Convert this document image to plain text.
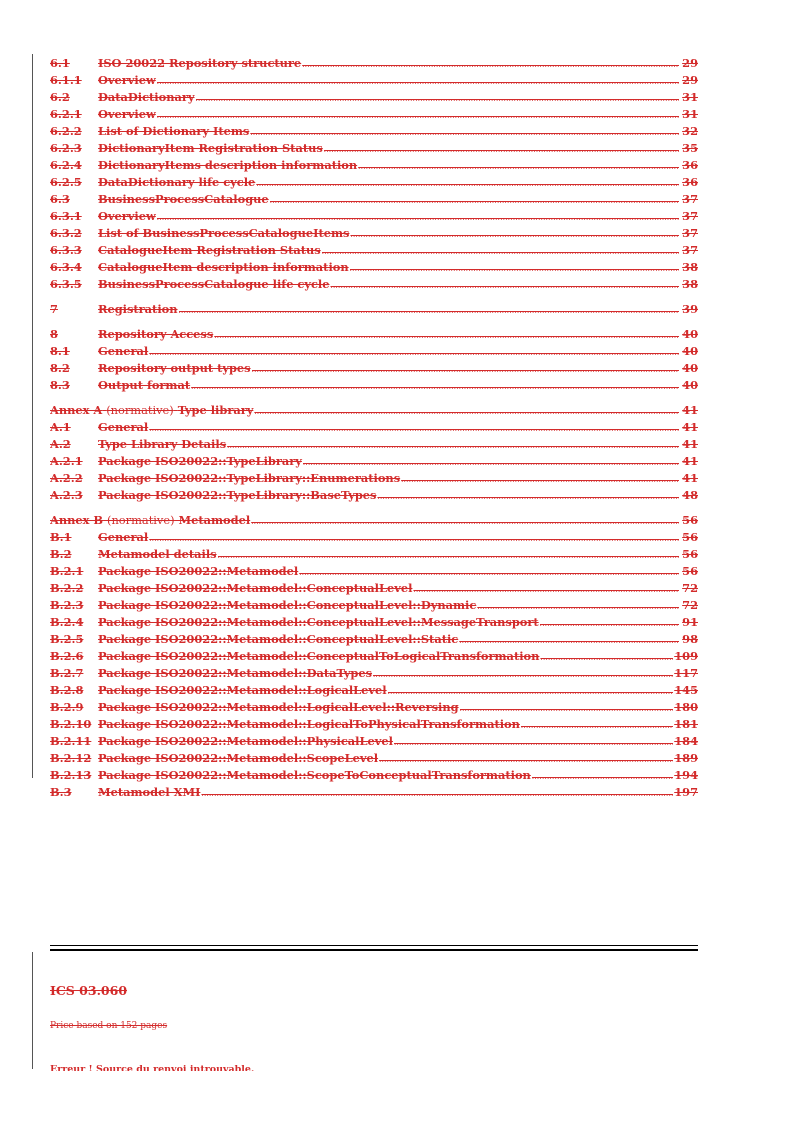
6.1	ISO 20022 Repository structure .....	29
6.1.1	Overview .....	29
6.2	DataDictionary .....	31
6.2.1	Overview .....	31
6.2.2	List of Dictionary Items .....	32
6.2.3	DictionaryItem Registration Status .....	35
6.2.4	DictionaryItems description information .....	36
6.2.5	DataDictionary life cycle .....	36
6.3	BusinessProcessCatalogue .....	37
6.3.1	Overview .....	37
6.3.2	List of BusinessProcessCatalogueItems .....	37
6.3.3	CatalogueItem Registration Status .....	37
6.3.4	CatalogueItem description information .....	38
6.3.5	BusinessProcessCatalogue life cycle .....	38
7	Registration .....	39
8	Repository Access .....	40
8.1	General .....	40
8.2	Repository output types .....	40
8.3	Output format .....	40
Annex A (normative) Type library .....	41
A.1	General .....	41
A.2	Type Library Details .....	41
A.2.1	Package ISO20022::TypeLibrary .....	41
A.2.2	Package ISO20022::TypeLibrary::Enumerations .....	41
A.2.3	Package ISO20022::TypeLibrary::BaseTypes .....	48
Annex B (normative) Metamodel .....	56
B.1	General .....	56
B.2	Metamodel details .....	56
B.2.1	Package ISO20022::Metamodel .....	56
B.2.2	Package ISO20022::Metamodel::ConceptualLevel .....	72
B.2.3	Package ISO20022::Metamodel::ConceptualLevel::Dynamic .....	72
B.2.4	Package ISO20022::Metamodel::ConceptualLevel::MessageTransport .....	91
B.2.5	Package ISO20022::Metamodel::ConceptualLevel::Static .....	98
B.2.6	Package ISO20022::Metamodel::ConceptualToLogicalTransformation .....	109
B.2.7	Package ISO20022::Metamodel::DataTypes .....	117
B.2.8	Package ISO20022::Metamodel::LogicalLevel .....	145
B.2.9	Package ISO20022::Metamodel::LogicalLevel::Reversing .....	180
B.2.10 Package ISO20022::Metamodel::LogicalToPhysicalTransformation .....	181
B.2.11 Package ISO20022::Metamodel::PhysicalLevel .....	184
B.2.12 Package ISO20022::Metamodel::ScopeLevel .....	189
B.2.13 Package ISO20022::Metamodel::ScopeToConceptualTransformation .....	194
B.3	Metamodel XMI .....	197
ICS 03.060
Price based on 152 pages
Erreur ! Source du renvoi introuvable.
